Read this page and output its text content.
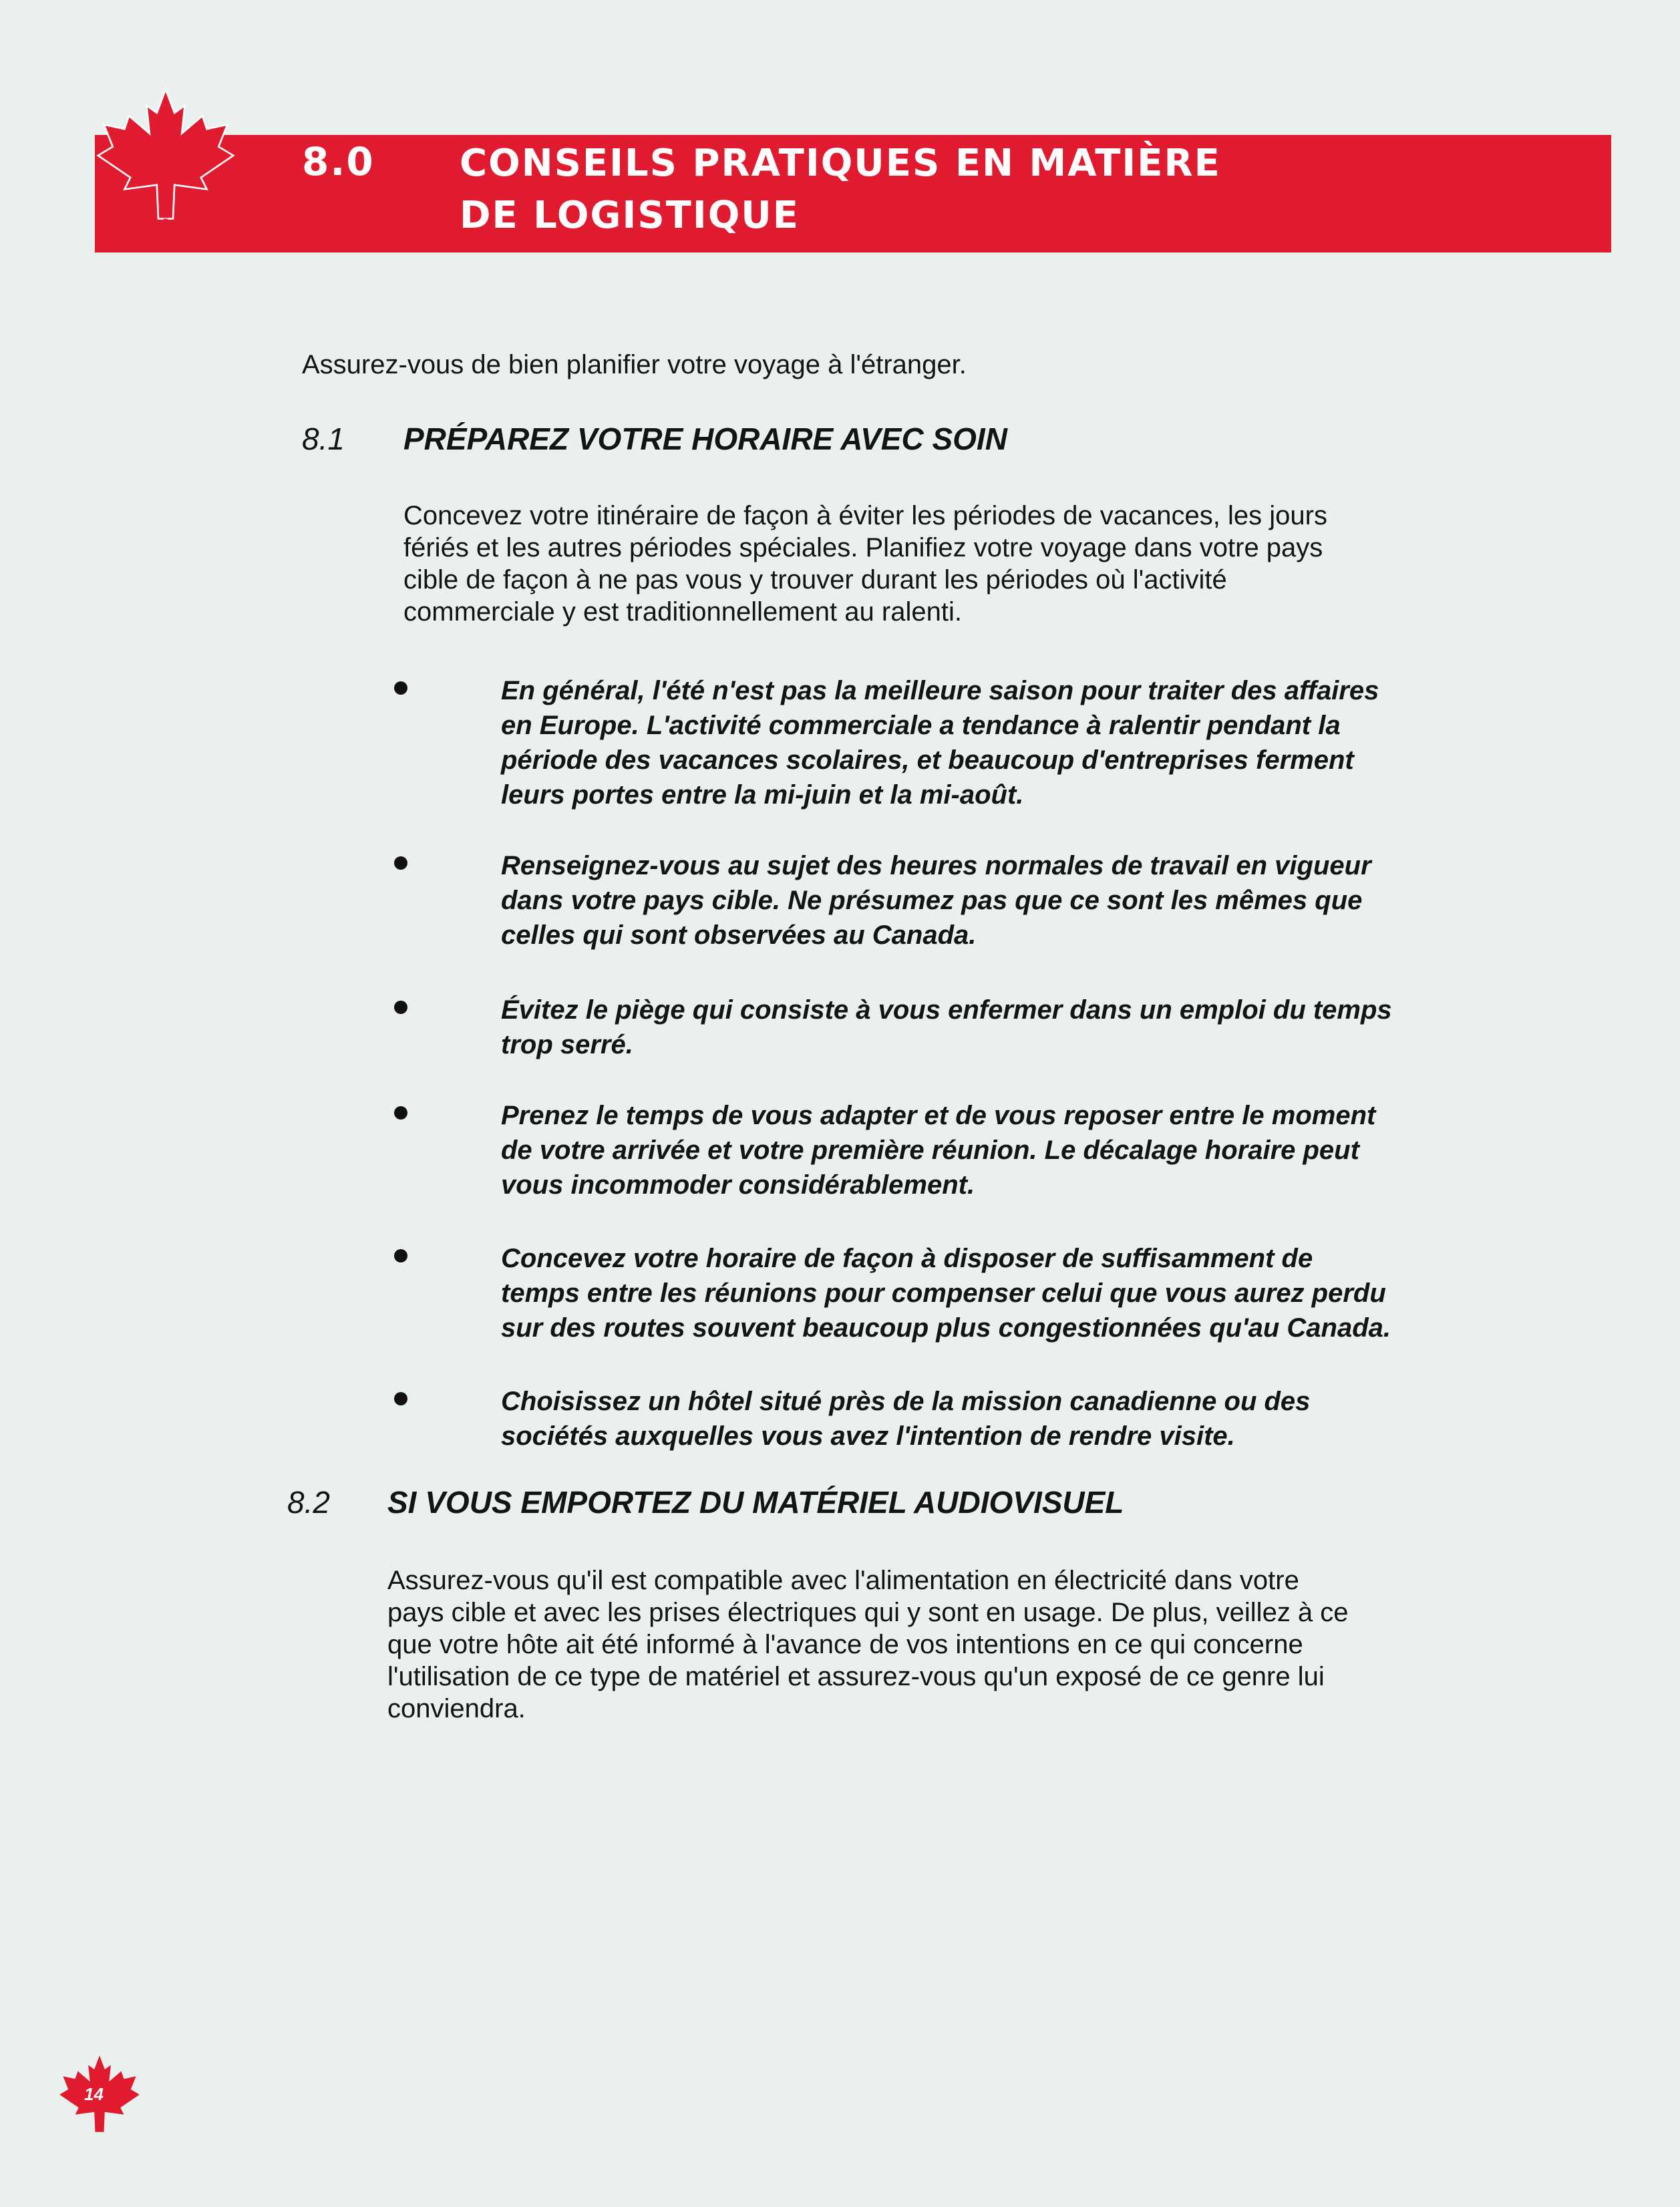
8.0 CONSEILS PRATIQUES EN MATIÈRE
DE LOGISTIQUE
Assurez-vous de bien planifier votre voyage à l'étranger.
8.1 PRÉPAREZ VOTRE HORAIRE AVEC SOIN
Concevez votre itinéraire de façon à éviter les périodes de vacances, les jours
fériés et les autres périodes spéciales. Planifiez votre voyage dans votre pays
cible de façon à ne pas vous y trouver durant les périodes où l'activité
commerciale y est traditionnellement au ralenti.
En général, l'été n'est pas la meilleure saison pour traiter des affaires
en Europe. L'activité commerciale a tendance à ralentir pendant la
période des vacances scolaires, et beaucoup d'entreprises ferment
leurs portes entre la mi-juin et la mi-août.
Renseignez-vous au sujet des heures normales de travail en vigueur
dans votre pays cible. Ne présumez pas que ce sont les mêmes que
celles qui sont observées au Canada.
Évitez le piège qui consiste à vous enfermer dans un emploi du temps
trop serré.
Prenez le temps de vous adapter et de vous reposer entre le moment
de votre arrivée et votre première réunion. Le décalage horaire peut
vous incommoder considérablement.
Concevez votre horaire de façon à disposer de suffisamment de
temps entre les réunions pour compenser celui que vous aurez perdu
sur des routes souvent beaucoup plus congestionnées qu'au Canada.
Choisissez un hôtel situé près de la mission canadienne ou des
sociétés auxquelles vous avez l'intention de rendre visite.
8.2 SI VOUS EMPORTEZ DU MATÉRIEL AUDIOVISUEL
Assurez-vous qu'il est compatible avec l'alimentation en électricité dans votre
pays cible et avec les prises électriques qui y sont en usage. De plus, veillez à ce
que votre hôte ait été informé à l'avance de vos intentions en ce qui concerne
l'utilisation de ce type de matériel et assurez-vous qu'un exposé de ce genre lui
conviendra.
14
